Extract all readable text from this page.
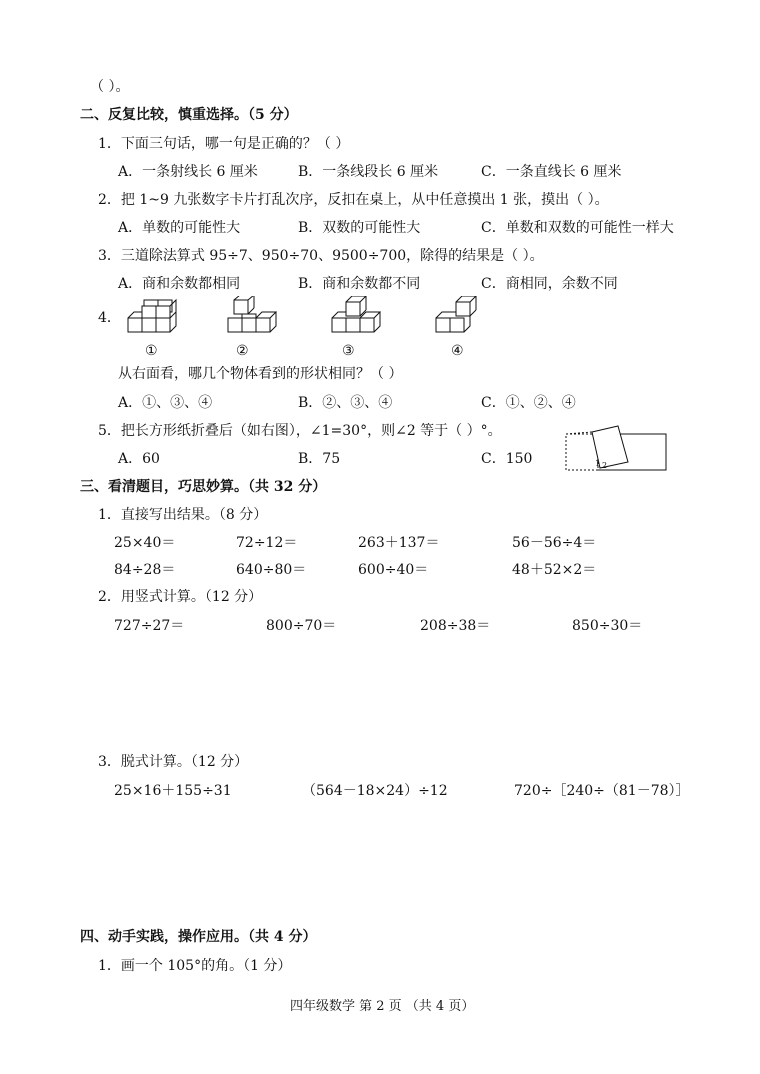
（ ）。
二、反复比较，慎重选择。（5 分）
1．下面三句话，哪一句是正确的？（ ）
A．一条射线长 6 厘米	B．一条线段长 6 厘米	C．一条直线长 6 厘米
2．把 1~9 九张数字卡片打乱次序，反扣在桌上，从中任意摸出 1 张，摸出（ ）。
A．单数的可能性大	B．双数的可能性大	C．单数和双数的可能性一样大
3．三道除法算式 95÷7、950÷70、9500÷700，除得的结果是（ ）。
A．商和余数都相同	B．商和余数都不同	C．商相同，余数不同
4．
①	②	③	④
从右面看，哪几个物体看到的形状相同？（ ）
A．①、③、④	B．②、③、④	C．①、②、④
5．把长方形纸折叠后（如右图），∠1=30°，则∠2 等于（ ）°。
A．60	B．75	C．150	1 2
三、看清题目，巧思妙算。（共 32 分）
1．直接写出结果。（8 分）
25×40＝	72÷12＝	263＋137＝	56－56÷4＝
84÷28＝	640÷80＝	600÷40＝	48＋52×2＝
2．用竖式计算。（12 分）
727÷27＝	800÷70＝	208÷38＝	850÷30＝
3．脱式计算。（12 分）
25×16＋155÷31	（564－18×24）÷12	720÷［240÷（81－78）］
四、动手实践，操作应用。（共 4 分）
1．画一个 105°的角。（1 分）
四年级数学 第 2 页 （共 4 页）
